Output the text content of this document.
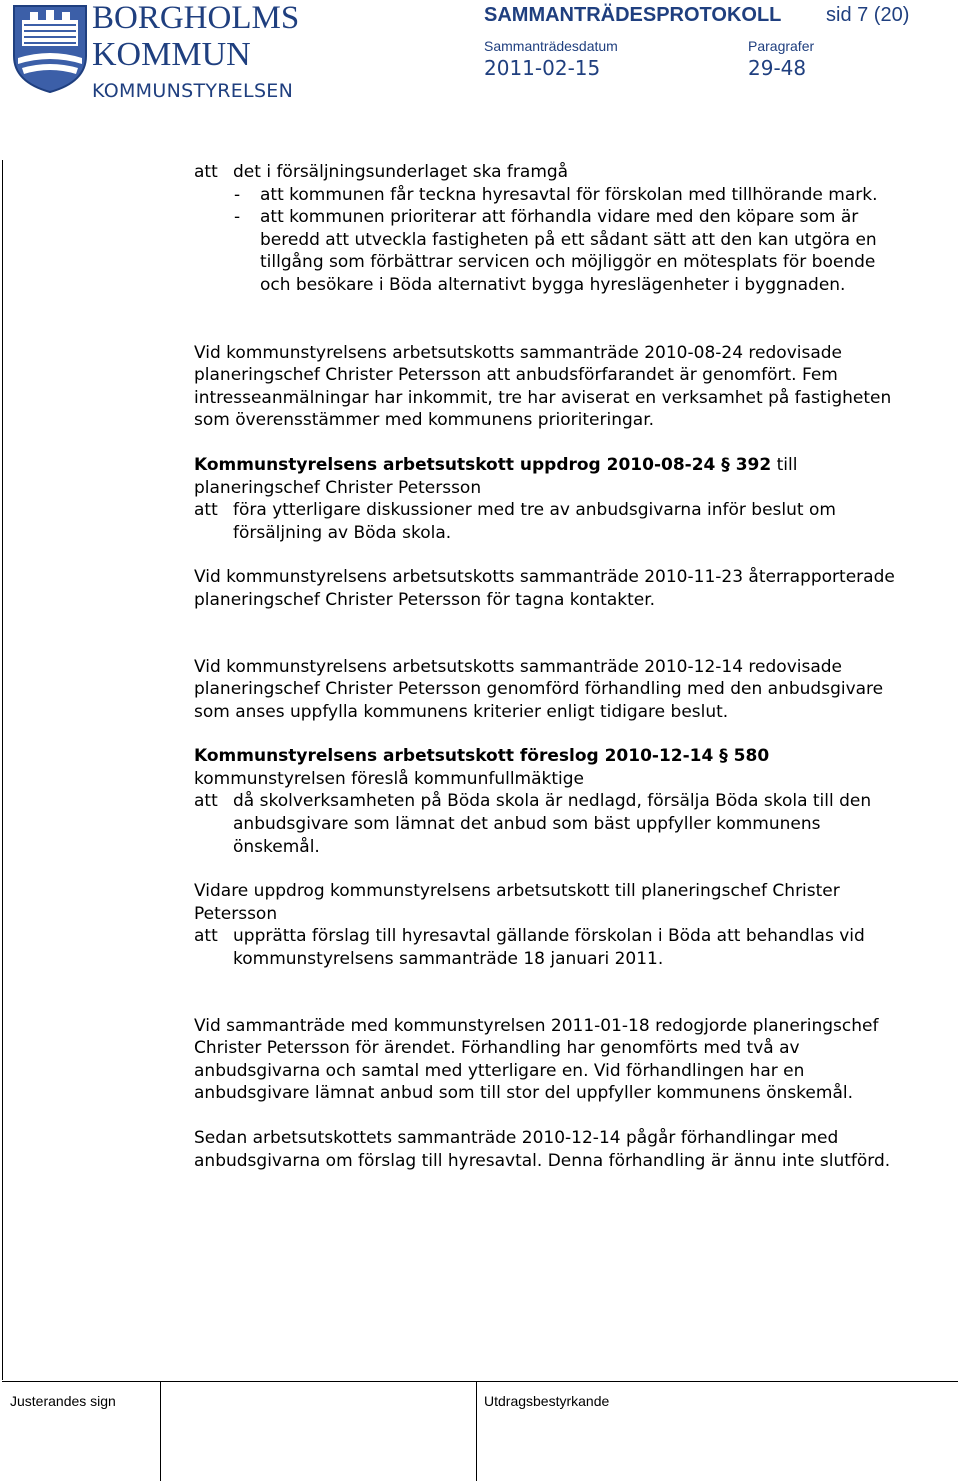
BORGHOLMS
KOMMUN
KOMMUNSTYRELSEN
SAMMANTRÄDESPROTOKOLL sid 7 (20)
Sammanträdesdatum	Paragrafer
2011-02-15	29-48
Justerandes sign	Utdragsbestyrkande
att det i försäljningsunderlaget ska framgå
-	att kommunen får teckna hyresavtal för förskolan med tillhörande mark.
-	att kommunen prioriterar att förhandla vidare med den köpare som är beredd att utveckla fastigheten på ett sådant sätt att den kan utgöra en tillgång som förbättrar servicen och möjliggör en mötesplats för boende och besökare i Böda alternativt bygga hyreslägenheter i byggnaden.

Vid kommunstyrelsens arbetsutskotts sammanträde 2010-08-24 redovisade planeringschef Christer Petersson att anbudsförfarandet är genomfört. Fem intresseanmälningar har inkommit, tre har aviserat en verksamhet på fastigheten som överensstämmer med kommunens prioriteringar.

Kommunstyrelsens arbetsutskott uppdrog 2010-08-24 § 392 till planeringschef Christer Petersson

att föra ytterligare diskussioner med tre av anbudsgivarna inför beslut om försäljning av Böda skola.

Vid kommunstyrelsens arbetsutskotts sammanträde 2010-11-23 återrapporterade planeringschef Christer Petersson för tagna kontakter.

Vid kommunstyrelsens arbetsutskotts sammanträde 2010-12-14 redovisade planeringschef Christer Petersson genomförd förhandling med den anbudsgivare som anses uppfylla kommunens kriterier enligt tidigare beslut.

Kommunstyrelsens arbetsutskott föreslog 2010-12-14 § 580 kommunstyrelsen föreslå kommunfullmäktige

att då skolverksamheten på Böda skola är nedlagd, försälja Böda skola till den anbudsgivare som lämnat det anbud som bäst uppfyller kommunens önskemål.

Vidare uppdrog kommunstyrelsens arbetsutskott till planeringschef Christer Petersson

att upprätta förslag till hyresavtal gällande förskolan i Böda att behandlas vid kommunstyrelsens sammanträde 18 januari 2011.

Vid sammanträde med kommunstyrelsen 2011-01-18 redogjorde planeringschef Christer Petersson för ärendet. Förhandling har genomförts med två av anbudsgivarna och samtal med ytterligare en. Vid förhandlingen har en anbudsgivare lämnat anbud som till stor del uppfyller kommunens önskemål.

Sedan arbetsutskottets sammanträde 2010-12-14 pågår förhandlingar med anbudsgivarna om förslag till hyresavtal. Denna förhandling är ännu inte slutförd.
